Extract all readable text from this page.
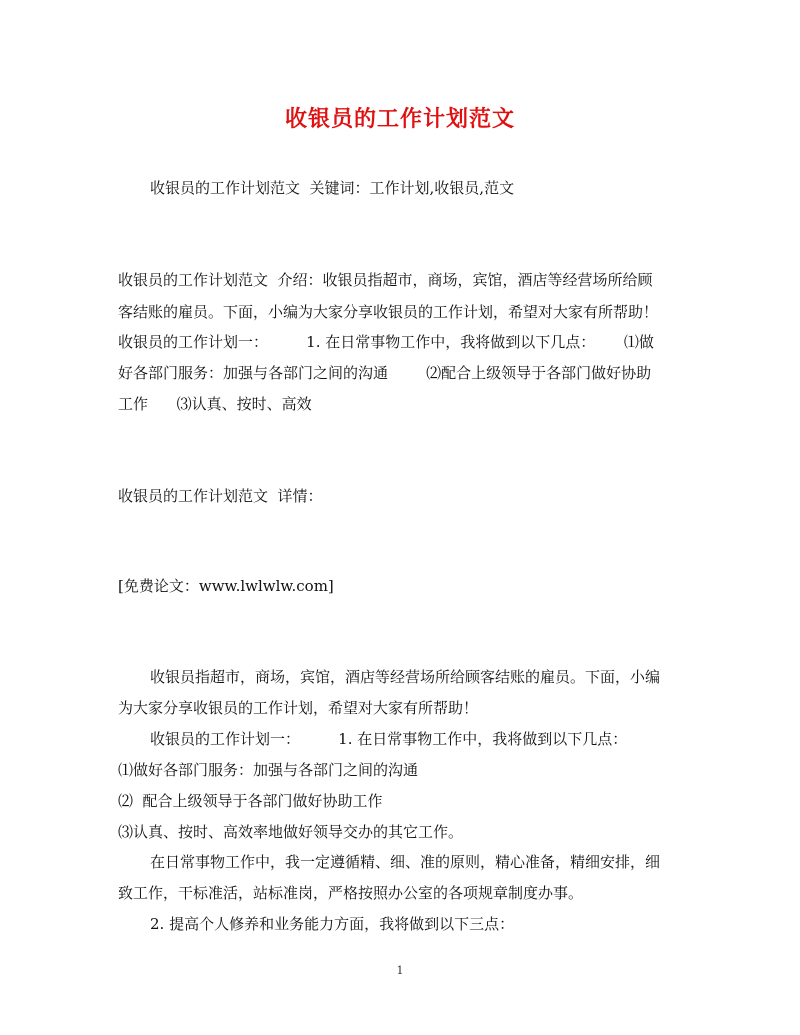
收银员的工作计划范文
收银员的工作计划范文  关键词：工作计划,收银员,范文
收银员的工作计划范文  介绍：收银员指超市，商场，宾馆，酒店等经营场所给顾
客结账的雇员。下面，小编为大家分享收银员的工作计划，希望对大家有所帮助！
收银员的工作计划一：        1. 在日常事物工作中，我将做到以下几点：      ⑴做
好各部门服务：加强与各部门之间的沟通        ⑵配合上级领导于各部门做好协助
工作      ⑶认真、按时、高效
收银员的工作计划范文  详情：
[免费论文：www.lwlwlw.com]
收银员指超市，商场，宾馆，酒店等经营场所给顾客结账的雇员。下面，小编
为大家分享收银员的工作计划，希望对大家有所帮助！
收银员的工作计划一：        1. 在日常事物工作中，我将做到以下几点：
⑴做好各部门服务：加强与各部门之间的沟通
⑵  配合上级领导于各部门做好协助工作
⑶认真、按时、高效率地做好领导交办的其它工作。
在日常事物工作中，我一定遵循精、细、准的原则，精心准备，精细安排，细
致工作，干标准活，站标准岗，严格按照办公室的各项规章制度办事。
2. 提高个人修养和业务能力方面，我将做到以下三点：
1
